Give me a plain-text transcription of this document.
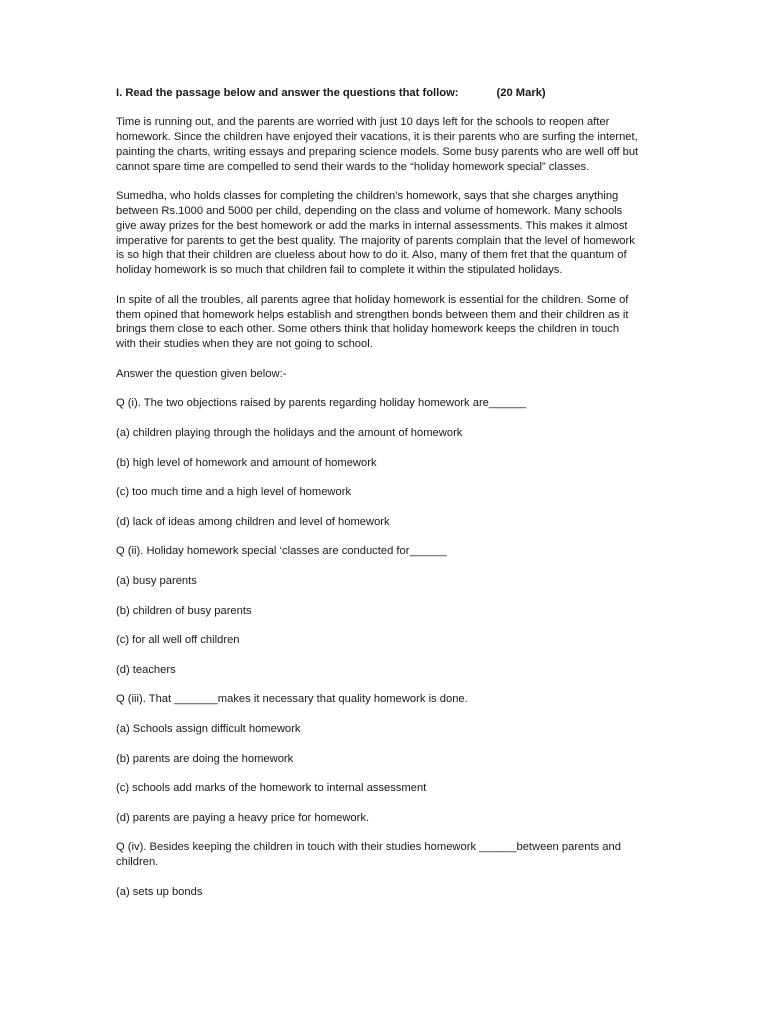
I. Read the passage below and answer the questions that follow:	(20 Mark)

Time is running out, and the parents are worried with just 10 days left for the schools to reopen after homework. Since the children have enjoyed their vacations, it is their parents who are surfing the internet, painting the charts, writing essays and preparing science models. Some busy parents who are well off but cannot spare time are compelled to send their wards to the “holiday homework special” classes.

Sumedha, who holds classes for completing the children’s homework, says that she charges anything between Rs.1000 and 5000 per child, depending on the class and volume of homework. Many schools give away prizes for the best homework or add the marks in internal assessments. This makes it almost imperative for parents to get the best quality. The majority of parents complain that the level of homework is so high that their children are clueless about how to do it. Also, many of them fret that the quantum of holiday homework is so much that children fail to complete it within the stipulated holidays.

In spite of all the troubles, all parents agree that holiday homework is essential for the children. Some of them opined that homework helps establish and strengthen bonds between them and their children as it brings them close to each other. Some others think that holiday homework keeps the children in touch with their studies when they are not going to school.

Answer the question given below:-

Q (i). The two objections raised by parents regarding holiday homework are______

(a) children playing through the holidays and the amount of homework

(b) high level of homework and amount of homework

(c) too much time and a high level of homework

(d) lack of ideas among children and level of homework

Q (ii). Holiday homework special ‘classes are conducted for______

(a) busy parents

(b) children of busy parents

(c) for all well off children

(d) teachers

Q (iii). That _______makes it necessary that quality homework is done.

(a) Schools assign difficult homework

(b) parents are doing the homework

(c) schools add marks of the homework to internal assessment

(d) parents are paying a heavy price for homework.

Q (iv). Besides keeping the children in touch with their studies homework ______between parents and children.

(a) sets up bonds
